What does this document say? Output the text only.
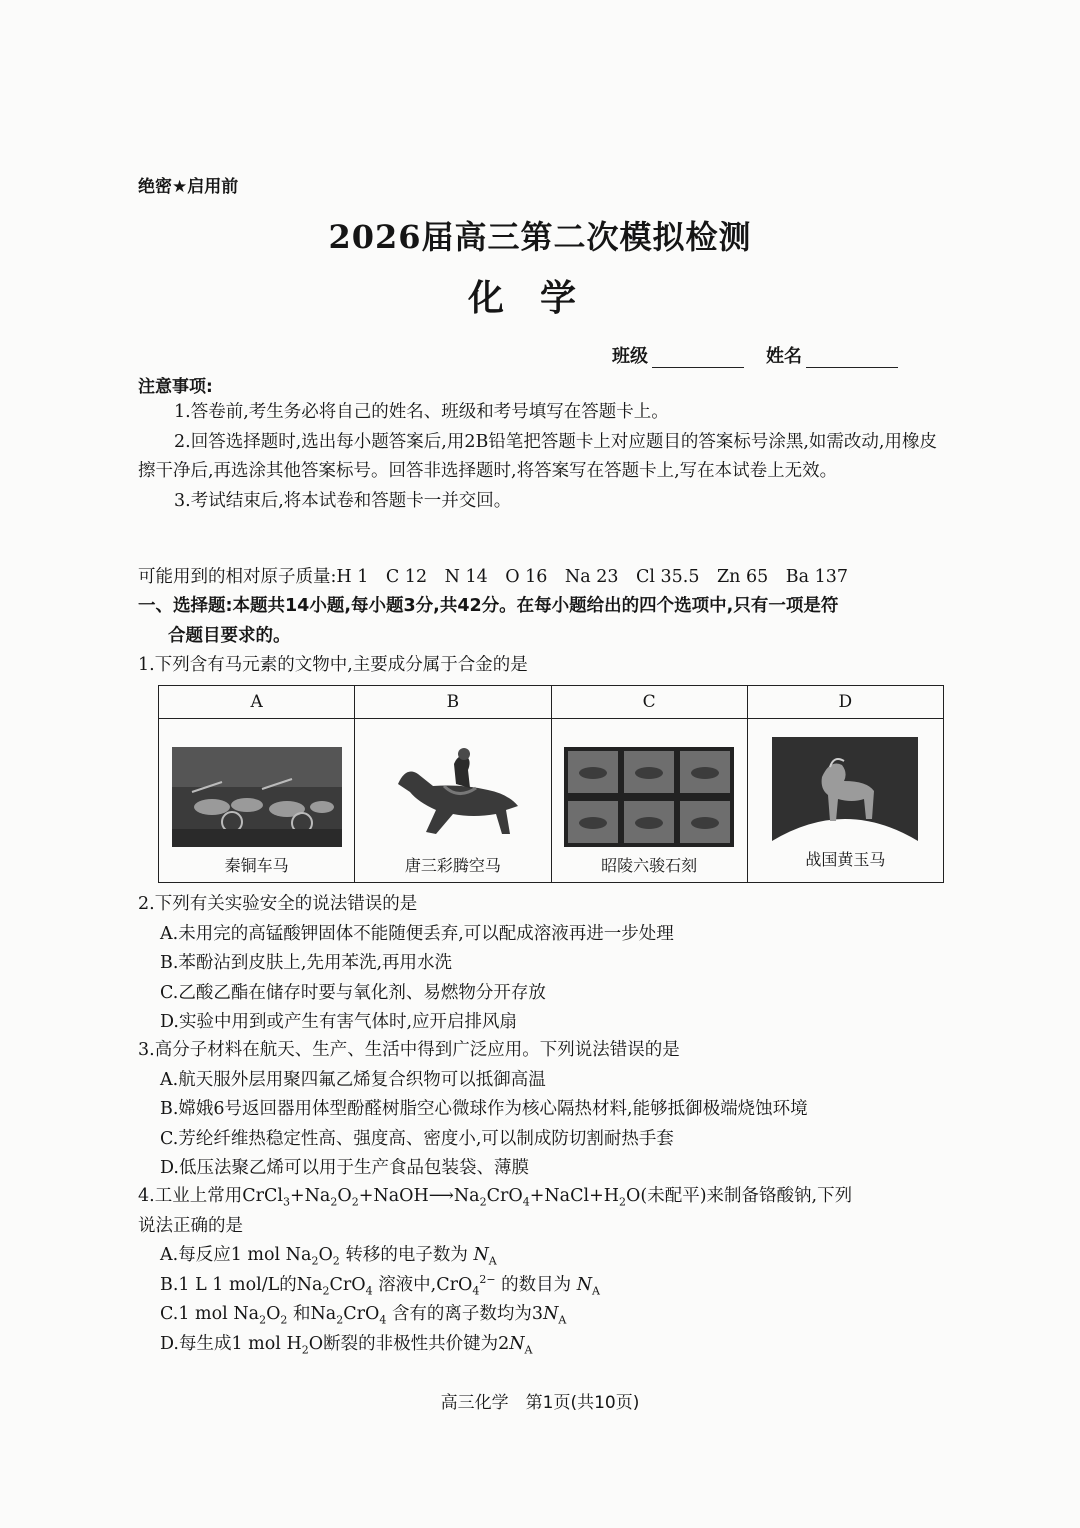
绝密★启用前
2026届高三第二次模拟检测
化学
班级	姓名
注意事项:
1.答卷前,考生务必将自己的姓名、班级和考号填写在答题卡上。
2.回答选择题时,选出每小题答案后,用2B铅笔把答题卡上对应题目的答案标号涂黑,如需改动,用橡皮擦干净后,再选涂其他答案标号。回答非选择题时,将答案写在答题卡上,写在本试卷上无效。
3.考试结束后,将本试卷和答题卡一并交回。
可能用到的相对原子质量:H 1　C 12　N 14　O 16　Na 23　Cl 35.5　Zn 65　Ba 137
一、选择题:本题共14小题,每小题3分,共42分。在每小题给出的四个选项中,只有一项是符
合题目要求的。
1.下列含有马元素的文物中,主要成分属于合金的是
A	B	C	D

秦铜车马	唐三彩腾空马	昭陵六骏石刻	战国黄玉马
2.下列有关实验安全的说法错误的是
A.未用完的高锰酸钾固体不能随便丢弃,可以配成溶液再进一步处理
B.苯酚沾到皮肤上,先用苯洗,再用水洗
C.乙酸乙酯在储存时要与氧化剂、易燃物分开存放
D.实验中用到或产生有害气体时,应开启排风扇
3.高分子材料在航天、生产、生活中得到广泛应用。下列说法错误的是
A.航天服外层用聚四氟乙烯复合织物可以抵御高温
B.嫦娥6号返回器用体型酚醛树脂空心微球作为核心隔热材料,能够抵御极端烧蚀环境
C.芳纶纤维热稳定性高、强度高、密度小,可以制成防切割耐热手套
D.低压法聚乙烯可以用于生产食品包装袋、薄膜
4.工业上常用$CrCl_3+Na_2O_2+NaOH⟶Na_2CrO_4+NaCl+H_2O$(未配平)来制备铬酸钠,下列
说法正确的是
A.每反应1 mol $Na_2O_2$ 转移的电子数为 $N_A$
B.1 L 1 mol/L的$Na_2CrO_4$ 溶液中,CrO$_4^{2-}$ 的数目为 $N_A$
C.1 mol $Na_2O_2$ 和$Na_2CrO_4$ 含有的离子数均为$3N_A$
D.每生成1 mol $H_2O$断裂的非极性共价键为$2N_A$
高三化学　第1页(共10页)
